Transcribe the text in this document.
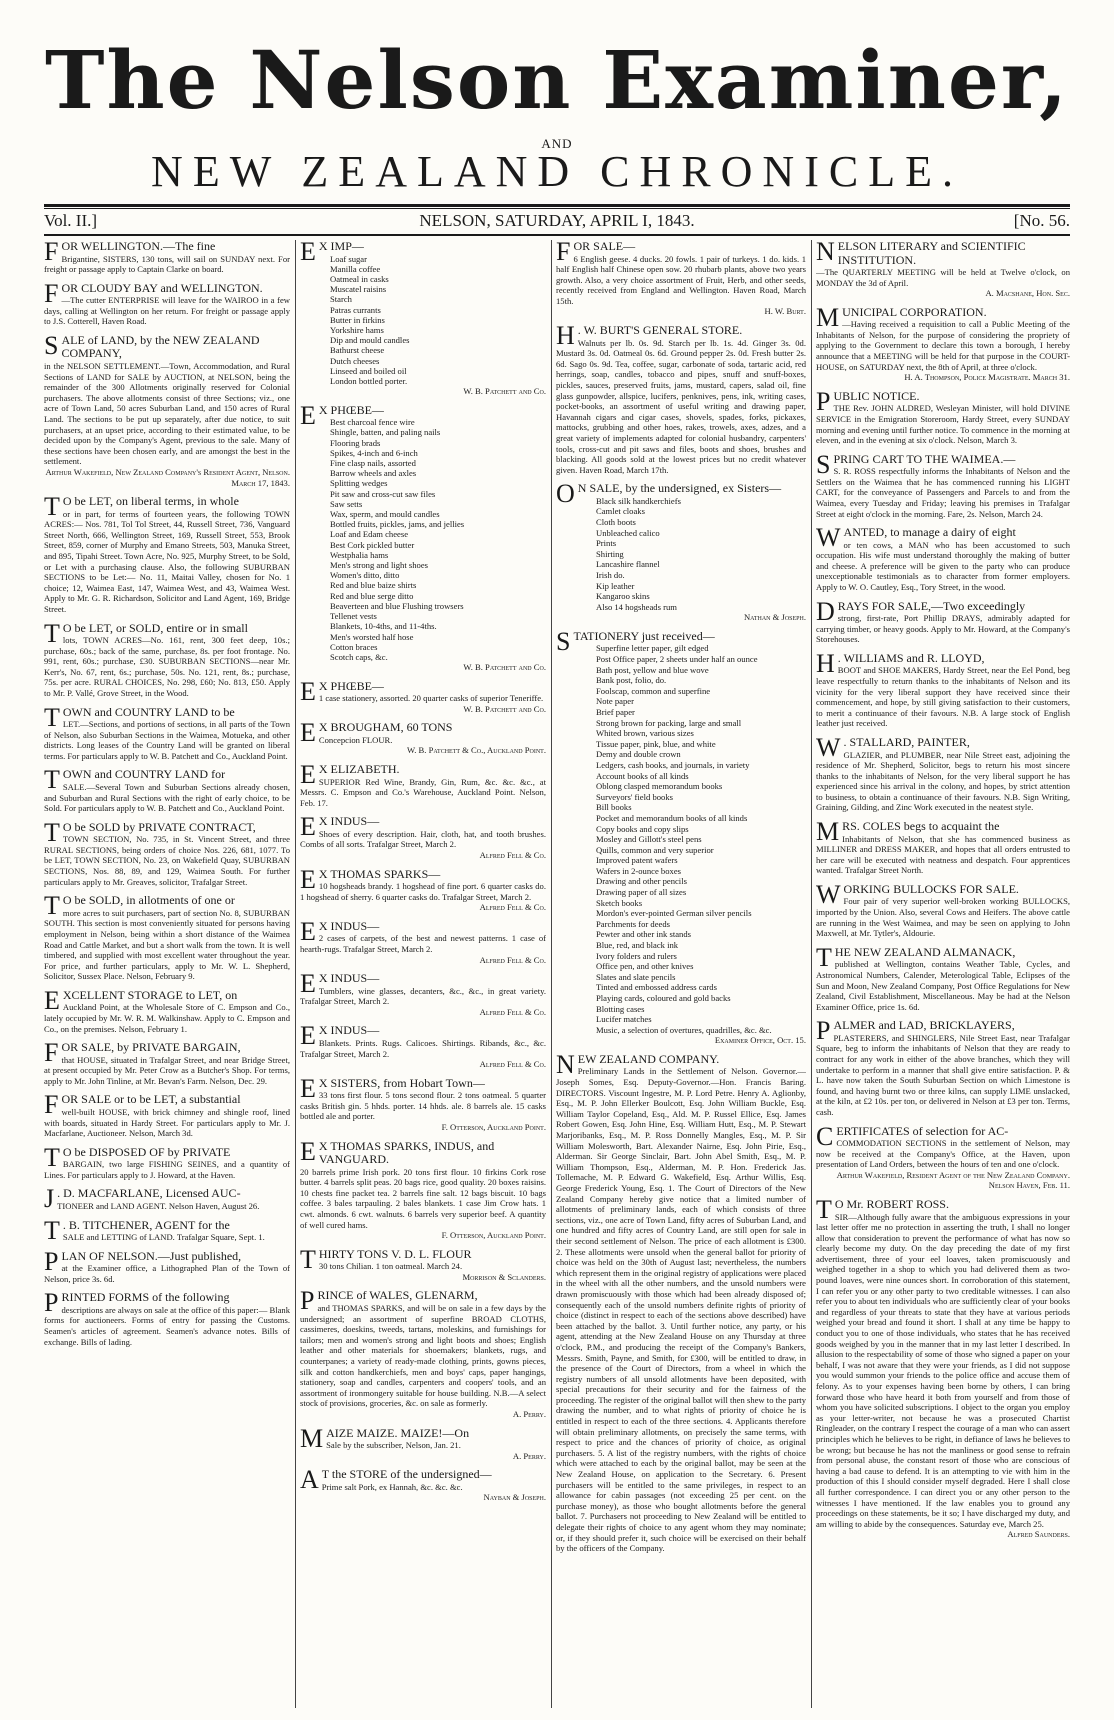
The Nelson Examiner,
AND
NEW ZEALAND CHRONICLE.
Vol. II.]	NELSON, SATURDAY, APRIL I, 1843.	[No. 56.
FOR WELLINGTON.—The fine
Brigantine, SISTERS, 130 tons, will sail on SUNDAY next. For freight or passage apply to Captain Clarke on board.
FOR CLOUDY BAY and WELLINGTON.
—The cutter ENTERPRISE will leave for the WAIROO in a few days, calling at Wellington on her return. For freight or passage apply to J.S. Cotterell, Haven Road.
SALE of LAND, by the NEW ZEALAND COMPANY,
in the NELSON SETTLEMENT.—Town, Accommodation, and Rural Sections of LAND for SALE by AUCTION, at NELSON, being the remainder of the 300 Allotments originally reserved for Colonial purchasers. The above allotments consist of three Sections; viz., one acre of Town Land, 50 acres Suburban Land, and 150 acres of Rural Land. The sections to be put up separately, after due notice, to suit purchasers, at an upset price, according to their estimated value, to be decided upon by the Company's Agent, previous to the sale. Many of these sections have been chosen early, and are amongst the best in the settlement.
Arthur Wakefield, New Zealand Company's Resident Agent, Nelson. March 17, 1843.
T O be LET, on liberal terms, in whole
or in part, for terms of fourteen years, the following TOWN ACRES:— Nos. 781, Tol Tol Street, 44, Russell Street, 736, Vanguard Street North, 666, Wellington Street, 169, Russell Street, 553, Brook Street, 859, corner of Murphy and Emano Streets, 503, Manuka Street, and 895, Tipahi Street. Town Acre, No. 925, Murphy Street, to be Sold, or Let with a purchasing clause. Also, the following SUBURBAN SECTIONS to be Let:— No. 11, Maitai Valley, chosen for No. 1 choice; 12, Waimea East, 147, Waimea West, and 43, Waimea West. Apply to Mr. G. R. Richardson, Solicitor and Land Agent, 169, Bridge Street.
T O be LET, or SOLD, entire or in small
lots, TOWN ACRES—No. 161, rent, 300 feet deep, 10s.; purchase, 60s.; back of the same, purchase, 8s. per foot frontage. No. 991, rent, 60s.; purchase, £30. SUBURBAN SECTIONS—near Mr. Kerr's, No. 67, rent, 6s.; purchase, 50s. No. 121, rent, 8s.; purchase, 75s. per acre. RURAL CHOICES, No. 298, £60; No. 813, £50. Apply to Mr. P. Vallé, Grove Street, in the Wood.
TOWN and COUNTRY LAND to be
LET.—Sections, and portions of sections, in all parts of the Town of Nelson, also Suburban Sections in the Waimea, Motueka, and other districts. Long leases of the Country Land will be granted on liberal terms. For particulars apply to W. B. Patchett and Co., Auckland Point.
TOWN and COUNTRY LAND for
SALE.—Several Town and Suburban Sections already chosen, and Suburban and Rural Sections with the right of early choice, to be Sold. For particulars apply to W. B. Patchett and Co., Auckland Point.
T O be SOLD by PRIVATE CONTRACT,
TOWN SECTION, No. 735, in St. Vincent Street, and three RURAL SECTIONS, being orders of choice Nos. 226, 681, 1077. To be LET, TOWN SECTION, No. 23, on Wakefield Quay, SUBURBAN SECTIONS, Nos. 88, 89, and 129, Waimea South. For further particulars apply to Mr. Greaves, solicitor, Trafalgar Street.
T O be SOLD, in allotments of one or
more acres to suit purchasers, part of section No. 8, SUBURBAN SOUTH. This section is most conveniently situated for persons having employment in Nelson, being within a short distance of the Waimea Road and Cattle Market, and but a short walk from the town. It is well timbered, and supplied with most excellent water throughout the year. For price, and further particulars, apply to Mr. W. L. Shepherd, Solicitor, Sussex Place. Nelson, February 9.
EXCELLENT STORAGE to LET, on
Auckland Point, at the Wholesale Store of C. Empson and Co., lately occupied by Mr. W. R. M. Walkinshaw. Apply to C. Empson and Co., on the premises. Nelson, February 1.
FOR SALE, by PRIVATE BARGAIN,
that HOUSE, situated in Trafalgar Street, and near Bridge Street, at present occupied by Mr. Peter Crow as a Butcher's Shop. For terms, apply to Mr. John Tinline, at Mr. Bevan's Farm. Nelson, Dec. 29.
FOR SALE or to be LET, a substantial
well-built HOUSE, with brick chimney and shingle roof, lined with boards, situated in Hardy Street. For particulars apply to Mr. J. Macfarlane, Auctioneer. Nelson, March 3d.
T O be DISPOSED OF by PRIVATE
BARGAIN, two large FISHING SEINES, and a quantity of Lines. For particulars apply to J. Howard, at the Haven.
J . D. MACFARLANE, Licensed AUC-
TIONEER and LAND AGENT. Nelson Haven, August 26.
T . B. TITCHENER, AGENT for the
SALE and LETTING of LAND. Trafalgar Square, Sept. 1.
PLAN OF NELSON.—Just published,
at the Examiner office, a Lithographed Plan of the Town of Nelson, price 3s. 6d.
PRINTED FORMS of the following
descriptions are always on sale at the office of this paper:— Blank forms for auctioneers. Forms of entry for passing the Customs. Seamen's articles of agreement. Seamen's advance notes. Bills of exchange. Bills of lading.
E X IMP—
Loaf sugar
Manilla coffee
Oatmeal in casks
Muscatel raisins
Starch
Patras currants
Butter in firkins
Yorkshire hams
Dip and mould candles
Bathurst cheese
Dutch cheeses
Linseed and boiled oil
London bottled porter.
W. B. Patchett and Co.
E X PHŒBE—
Best charcoal fence wire
Shingle, batten, and paling nails
Flooring brads
Spikes, 4-inch and 6-inch
Fine clasp nails, assorted
Barrow wheels and axles
Splitting wedges
Pit saw and cross-cut saw files
Saw setts
Wax, sperm, and mould candles
Bottled fruits, pickles, jams, and jellies
Loaf and Edam cheese
Best Cork pickled butter
Westphalia hams
Men's strong and light shoes
Women's ditto, ditto
Red and blue baize shirts
Red and blue serge ditto
Beaverteen and blue Flushing trowsers
Tellenet vests
Blankets, 10-4ths, and 11-4ths.
Men's worsted half hose
Cotton braces
Scotch caps, &c.
W. B. Patchett and Co.
E X PHŒBE—
1 case stationery, assorted. 20 quarter casks of superior Teneriffe.
W. B. Patchett and Co.
E X BROUGHAM, 60 TONS
Concepcion FLOUR.
W. B. Patchett & Co., Auckland Point.
E X ELIZABETH.
SUPERIOR Red Wine, Brandy, Gin, Rum, &c. &c. &c., at Messrs. C. Empson and Co.'s Warehouse, Auckland Point. Nelson, Feb. 17.
E X INDUS—
Shoes of every description. Hair, cloth, hat, and tooth brushes. Combs of all sorts. Trafalgar Street, March 2.
Alfred Fell & Co.
E X THOMAS SPARKS—
10 hogsheads brandy. 1 hogshead of fine port. 6 quarter casks do. 1 hogshead of sherry. 6 quarter casks do. Trafalgar Street, March 2.
Alfred Fell & Co.
E X INDUS—
2 cases of carpets, of the best and newest patterns. 1 case of hearth-rugs. Trafalgar Street, March 2.
Alfred Fell & Co.
E X INDUS—
Tumblers, wine glasses, decanters, &c., &c., in great variety. Trafalgar Street, March 2.
Alfred Fell & Co.
E X INDUS—
Blankets. Prints. Rugs. Calicoes. Shirtings. Ribands, &c., &c. Trafalgar Street, March 2.
Alfred Fell & Co.
E X SISTERS, from Hobart Town—
33 tons first flour. 5 tons second flour. 2 tons oatmeal. 5 quarter casks British gin. 5 hhds. porter. 14 hhds. ale. 8 barrels ale. 15 casks bottled ale and porter.
F. Otterson, Auckland Point.
E X THOMAS SPARKS, INDUS, and VANGUARD.
20 barrels prime Irish pork. 20 tons first flour. 10 firkins Cork rose butter. 4 barrels split peas. 20 bags rice, good quality. 20 boxes raisins. 10 chests fine packet tea. 2 barrels fine salt. 12 bags biscuit. 10 bags coffee. 3 bales tarpauling. 2 bales blankets. 1 case Jim Crow hats. 1 cwt. almonds. 6 cwt. walnuts. 6 barrels very superior beef. A quantity of well cured hams.
F. Otterson, Auckland Point.
THIRTY TONS V. D. L. FLOUR
30 tons Chilian. 1 ton oatmeal. March 24.
Morrison & Sclanders.
PRINCE of WALES, GLENARM,
and THOMAS SPARKS, and will be on sale in a few days by the undersigned; an assortment of superfine BROAD CLOTHS, cassimeres, doeskins, tweeds, tartans, moleskins, and furnishings for tailors; men and women's strong and light boots and shoes; English leather and other materials for shoemakers; blankets, rugs, and counterpanes; a variety of ready-made clothing, prints, gowns pieces, silk and cotton handkerchiefs, men and boys' caps, paper hangings, stationery, soap and candles, carpenters and coopers' tools, and an assortment of ironmongery suitable for house building. N.B.—A select stock of provisions, groceries, &c. on sale as formerly.
A. Perry.
MAIZE MAIZE. MAIZE!—On
Sale by the subscriber, Nelson, Jan. 21.
A. Perry.
A T the STORE of the undersigned—
Prime salt Pork, ex Hannah, &c. &c. &c.
Nayban & Joseph.
FOR SALE—
6 English geese. 4 ducks. 20 fowls. 1 pair of turkeys. 1 do. kids. 1 half English half Chinese open sow. 20 rhubarb plants, above two years growth. Also, a very choice assortment of Fruit, Herb, and other seeds, recently received from England and Wellington. Haven Road, March 15th.
H. W. Burt.
H . W. BURT'S GENERAL STORE.
Walnuts per lb. 0s. 9d. Starch per lb. 1s. 4d. Ginger 3s. 0d. Mustard 3s. 0d. Oatmeal 0s. 6d. Ground pepper 2s. 0d. Fresh butter 2s. 6d. Sago 0s. 9d. Tea, coffee, sugar, carbonate of soda, tartaric acid, red herrings, soap, candles, tobacco and pipes, snuff and snuff-boxes, pickles, sauces, preserved fruits, jams, mustard, capers, salad oil, fine glass gunpowder, allspice, lucifers, penknives, pens, ink, writing cases, pocket-books, an assortment of useful writing and drawing paper, Havannah cigars and cigar cases, shovels, spades, forks, pickaxes, mattocks, grubbing and other hoes, rakes, trowels, axes, adzes, and a great variety of implements adapted for colonial husbandry, carpenters' tools, cross-cut and pit saws and files, boots and shoes, brushes and blacking. All goods sold at the lowest prices but no credit whatever given. Haven Road, March 17th.
O N SALE, by the undersigned, ex Sisters—
Black silk handkerchiefs
Camlet cloaks
Cloth boots
Unbleached calico
Prints
Shirting
Lancashire flannel
Irish do.
Kip leather
Kangaroo skins
Also 14 hogsheads rum
Nathan & Joseph.
STATIONERY just received—
Superfine letter paper, gilt edged
Post Office paper, 2 sheets under half an ounce
Bath post, yellow and blue wove
Bank post, folio, do.
Foolscap, common and superfine
Note paper
Brief paper
Strong brown for packing, large and small
Whited brown, various sizes
Tissue paper, pink, blue, and white
Demy and double crown
Ledgers, cash books, and journals, in variety
Account books of all kinds
Oblong clasped memorandum books
Surveyors' field books
Bill books
Pocket and memorandum books of all kinds
Copy books and copy slips
Mosley and Gillott's steel pens
Quills, common and very superior
Improved patent wafers
Wafers in 2-ounce boxes
Drawing and other pencils
Drawing paper of all sizes
Sketch books
Mordon's ever-pointed German silver pencils
Parchments for deeds
Pewter and other ink stands
Blue, red, and black ink
Ivory folders and rulers
Office pen, and other knives
Slates and slate pencils
Tinted and embossed address cards
Playing cards, coloured and gold backs
Blotting cases
Lucifer matches
Music, a selection of overtures, quadrilles, &c. &c.
Examiner Office, Oct. 15.
NEW ZEALAND COMPANY.
Preliminary Lands in the Settlement of Nelson. Governor.—Joseph Somes, Esq. Deputy-Governor.—Hon. Francis Baring. DIRECTORS. Viscount Ingestre, M. P. Lord Petre. Henry A. Aglionby, Esq., M. P. John Ellerker Boulcott, Esq. John William Buckle, Esq. William Taylor Copeland, Esq., Ald. M. P. Russel Ellice, Esq. James Robert Gowen, Esq. John Hine, Esq. William Hutt, Esq., M. P. Stewart Marjoribanks, Esq., M. P. Ross Donnelly Mangles, Esq., M. P. Sir William Molesworth, Bart. Alexander Nairne, Esq. John Pirie, Esq., Alderman. Sir George Sinclair, Bart. John Abel Smith, Esq., M. P. William Thompson, Esq., Alderman, M. P. Hon. Frederick Jas. Tollemache, M. P. Edward G. Wakefield, Esq. Arthur Willis, Esq. George Frederick Young, Esq. 1. The Court of Directors of the New Zealand Company hereby give notice that a limited number of allotments of preliminary lands, each of which consists of three sections, viz., one acre of Town Land, fifty acres of Suburban Land, and one hundred and fifty acres of Country Land, are still open for sale in their second settlement of Nelson. The price of each allotment is £300. 2. These allotments were unsold when the general ballot for priority of choice was held on the 30th of August last; nevertheless, the numbers which represent them in the original registry of applications were placed in the wheel with all the other numbers, and the unsold numbers were drawn promiscuously with those which had been already disposed of; consequently each of the unsold numbers definite rights of priority of choice (distinct in respect to each of the sections above described) have been attached by the ballot. 3. Until further notice, any party, or his agent, attending at the New Zealand House on any Thursday at three o'clock, P.M., and producing the receipt of the Company's Bankers, Messrs. Smith, Payne, and Smith, for £300, will be entitled to draw, in the presence of the Court of Directors, from a wheel in which the registry numbers of all unsold allotments have been deposited, with special precautions for their security and for the fairness of the proceeding. The register of the original ballot will then shew to the party drawing the number, and to what rights of priority of choice he is entitled in respect to each of the three sections. 4. Applicants therefore will obtain preliminary allotments, on precisely the same terms, with respect to price and the chances of priority of choice, as original purchasers. 5. A list of the registry numbers, with the rights of choice which were attached to each by the original ballot, may be seen at the New Zealand House, on application to the Secretary. 6. Present purchasers will be entitled to the same privileges, in respect to an allowance for cabin passages (not exceeding 25 per cent. on the purchase money), as those who bought allotments before the general ballot. 7. Purchasers not proceeding to New Zealand will be entitled to delegate their rights of choice to any agent whom they may nominate; or, if they should prefer it, such choice will be exercised on their behalf by the officers of the Company.
NELSON LITERARY and SCIENTIFIC INSTITUTION.
—The QUARTERLY MEETING will be held at Twelve o'clock, on MONDAY the 3d of April.
A. Macshane, Hon. Sec.
MUNICIPAL CORPORATION.
—Having received a requisition to call a Public Meeting of the Inhabitants of Nelson, for the purpose of considering the propriety of applying to the Government to declare this town a borough, I hereby announce that a MEETING will be held for that purpose in the COURT-HOUSE, on SATURDAY next, the 8th of April, at three o'clock.
H. A. Thompson, Police Magistrate. March 31.
PUBLIC NOTICE.
THE Rev. JOHN ALDRED, Wesleyan Minister, will hold DIVINE SERVICE in the Emigration Storeroom, Hardy Street, every SUNDAY morning and evening until further notice. To commence in the morning at eleven, and in the evening at six o'clock. Nelson, March 3.
SPRING CART TO THE WAIMEA.—
S. R. ROSS respectfully informs the Inhabitants of Nelson and the Settlers on the Waimea that he has commenced running his LIGHT CART, for the conveyance of Passengers and Parcels to and from the Waimea, every Tuesday and Friday; leaving his premises in Trafalgar Street at eight o'clock in the morning. Fare, 2s. Nelson, March 24.
WANTED, to manage a dairy of eight
or ten cows, a MAN who has been accustomed to such occupation. His wife must understand thoroughly the making of butter and cheese. A preference will be given to the party who can produce unexceptionable testimonials as to character from former employers. Apply to W. O. Cautley, Esq., Tory Street, in the wood.
DRAYS FOR SALE,—Two exceedingly
strong, first-rate, Port Phillip DRAYS, admirably adapted for carrying timber, or heavy goods. Apply to Mr. Howard, at the Company's Storehouses.
H . WILLIAMS and R. LLOYD,
BOOT and SHOE MAKERS, Hardy Street, near the Eel Pond, beg leave respectfully to return thanks to the inhabitants of Nelson and its vicinity for the very liberal support they have received since their commencement, and hope, by still giving satisfaction to their customers, to merit a continuance of their favours. N.B. A large stock of English leather just received.
W . STALLARD, PAINTER,
GLAZIER, and PLUMBER, near Nile Street east, adjoining the residence of Mr. Shepherd, Solicitor, begs to return his most sincere thanks to the inhabitants of Nelson, for the very liberal support he has experienced since his arrival in the colony, and hopes, by strict attention to business, to obtain a continuance of their favours. N.B. Sign Writing, Graining, Gilding, and Zinc Work executed in the neatest style.
MRS. COLES begs to acquaint the
Inhabitants of Nelson, that she has commenced business as MILLINER and DRESS MAKER, and hopes that all orders entrusted to her care will be executed with neatness and despatch. Four apprentices wanted. Trafalgar Street North.
WORKING BULLOCKS FOR SALE.
Four pair of very superior well-broken working BULLOCKS, imported by the Union. Also, several Cows and Heifers. The above cattle are running in the West Waimea, and may be seen on applying to John Maxwell, at Mr. Tytler's, Aldourie.
THE NEW ZEALAND ALMANACK,
published at Wellington, contains Weather Table, Cycles, and Astronomical Numbers, Calender, Meterological Table, Eclipses of the Sun and Moon, New Zealand Company, Post Office Regulations for New Zealand, Civil Establishment, Miscellaneous. May be had at the Nelson Examiner Office, price 1s. 6d.
PALMER and LAD, BRICKLAYERS,
PLASTERERS, and SHINGLERS, Nile Street East, near Trafalgar Square, beg to inform the inhabitants of Nelson that they are ready to contract for any work in either of the above branches, which they will undertake to perform in a manner that shall give entire satisfaction. P. & L. have now taken the South Suburban Section on which Limestone is found, and having burnt two or three kilns, can supply LIME unslacked, at the kiln, at £2 10s. per ton, or delivered in Nelson at £3 per ton. Terms, cash.
CERTIFICATES of selection for AC-
COMMODATION SECTIONS in the settlement of Nelson, may now be received at the Company's Office, at the Haven, upon presentation of Land Orders, between the hours of ten and one o'clock.
Arthur Wakefield, Resident Agent of the New Zealand Company. Nelson Haven, Feb. 11.
T O Mr. ROBERT ROSS.
SIR—Although fully aware that the ambiguous expressions in your last letter offer me no protection in asserting the truth, I shall no longer allow that consideration to prevent the performance of what has now so clearly become my duty. On the day preceding the date of my first advertisement, three of your eel loaves, taken promiscuously and weighed together in a shop to which you had delivered them as two-pound loaves, were nine ounces short. In corroboration of this statement, I can refer you or any other party to two creditable witnesses. I can also refer you to about ten individuals who are sufficiently clear of your books and regardless of your threats to state that they have at various periods weighed your bread and found it short. I shall at any time be happy to conduct you to one of those individuals, who states that he has received goods weighed by you in the manner that in my last letter I described. In allusion to the respectability of some of those who signed a paper on your behalf, I was not aware that they were your friends, as I did not suppose you would summon your friends to the police office and accuse them of felony. As to your expenses having been borne by others, I can bring forward those who have heard it both from yourself and from those of whom you have solicited subscriptions. I object to the organ you employ as your letter-writer, not because he was a prosecuted Chartist Ringleader, on the contrary I respect the courage of a man who can assert principles which he believes to be right, in defiance of laws he believes to be wrong; but because he has not the manliness or good sense to refrain from personal abuse, the constant resort of those who are conscious of having a bad cause to defend. It is an attempting to vie with him in the production of this I should consider myself degraded. Here I shall close all further correspondence. I can direct you or any other person to the witnesses I have mentioned. If the law enables you to ground any proceedings on these statements, be it so; I have discharged my duty, and am willing to abide by the consequences. Saturday eve, March 25.
Alfred Saunders.
